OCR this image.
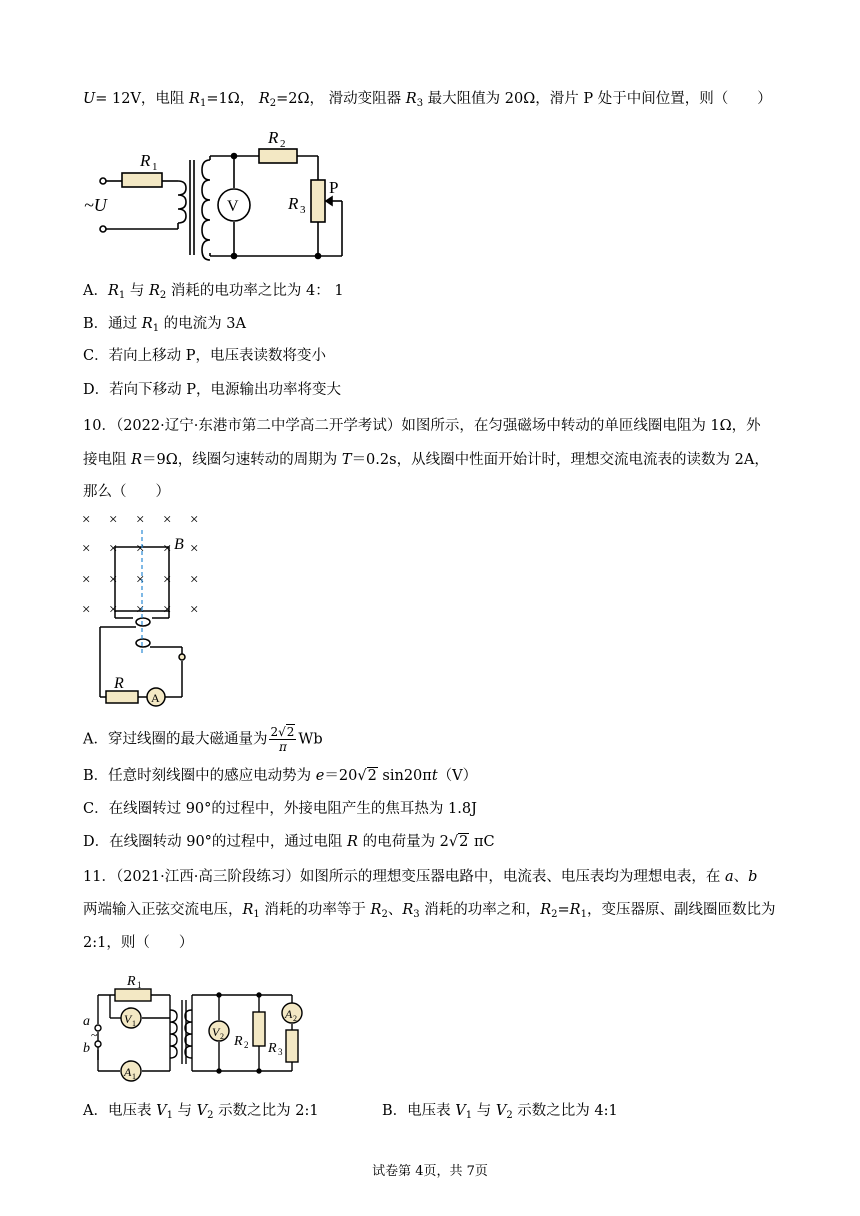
U= 12V，电阻 $R_1=1\Omega$， $R_2=2\Omega$， 滑动变阻器 $R_3$ 最大阻值为 20Ω，滑片 P 处于中间位置，则（　　）
R 1
R 2
R 3
P
~U	V
A．$R_1$ 与 $R_2$ 消耗的电功率之比为 4： 1
B．通过 $R_1$ 的电流为 3A
C．若向上移动 P，电压表读数将变小
D．若向下移动 P，电源输出功率将变大
10．（2022·辽宁·东港市第二中学高二开学考试）如图所示，在匀强磁场中转动的单匝线圈电阻为 1Ω，外
接电阻 R＝9Ω，线圈匀速转动的周期为 T＝0.2s，从线圈中性面开始计时，理想交流电流表的读数为 2A，
那么（　　）
× × × × ×
× × × × ×
× × × × ×
× × × × ×
B
R
A
A．穿过线圈的最大磁通量为 $\frac{2√2}{\pi}$ Wb
B．任意时刻线圈中的感应电动势为 e＝20√2 sin20πt（V）
C．在线圈转过 90°的过程中，外接电阻产生的焦耳热为 1.8J
D．在线圈转动 90°的过程中，通过电阻 R 的电荷量为 2√2 πC
11．（2021·江西·高三阶段练习）如图所示的理想变压器电路中，电流表、电压表均为理想电表，在 a、b
两端输入正弦交流电压，$R_1$ 消耗的功率等于 $R_2$、$R_3$ 消耗的功率之和，$R_2=R_1$，变压器原、副线圈匝数比为
2:1，则（　　）
R 1
V 1
A 1
V 2
A 2
R 2 R 3
a
b
~
A．电压表 $V_1$ 与 $V_2$ 示数之比为 2:1	B．电压表 $V_1$ 与 $V_2$ 示数之比为 4:1
试卷第 4页，共 7页
